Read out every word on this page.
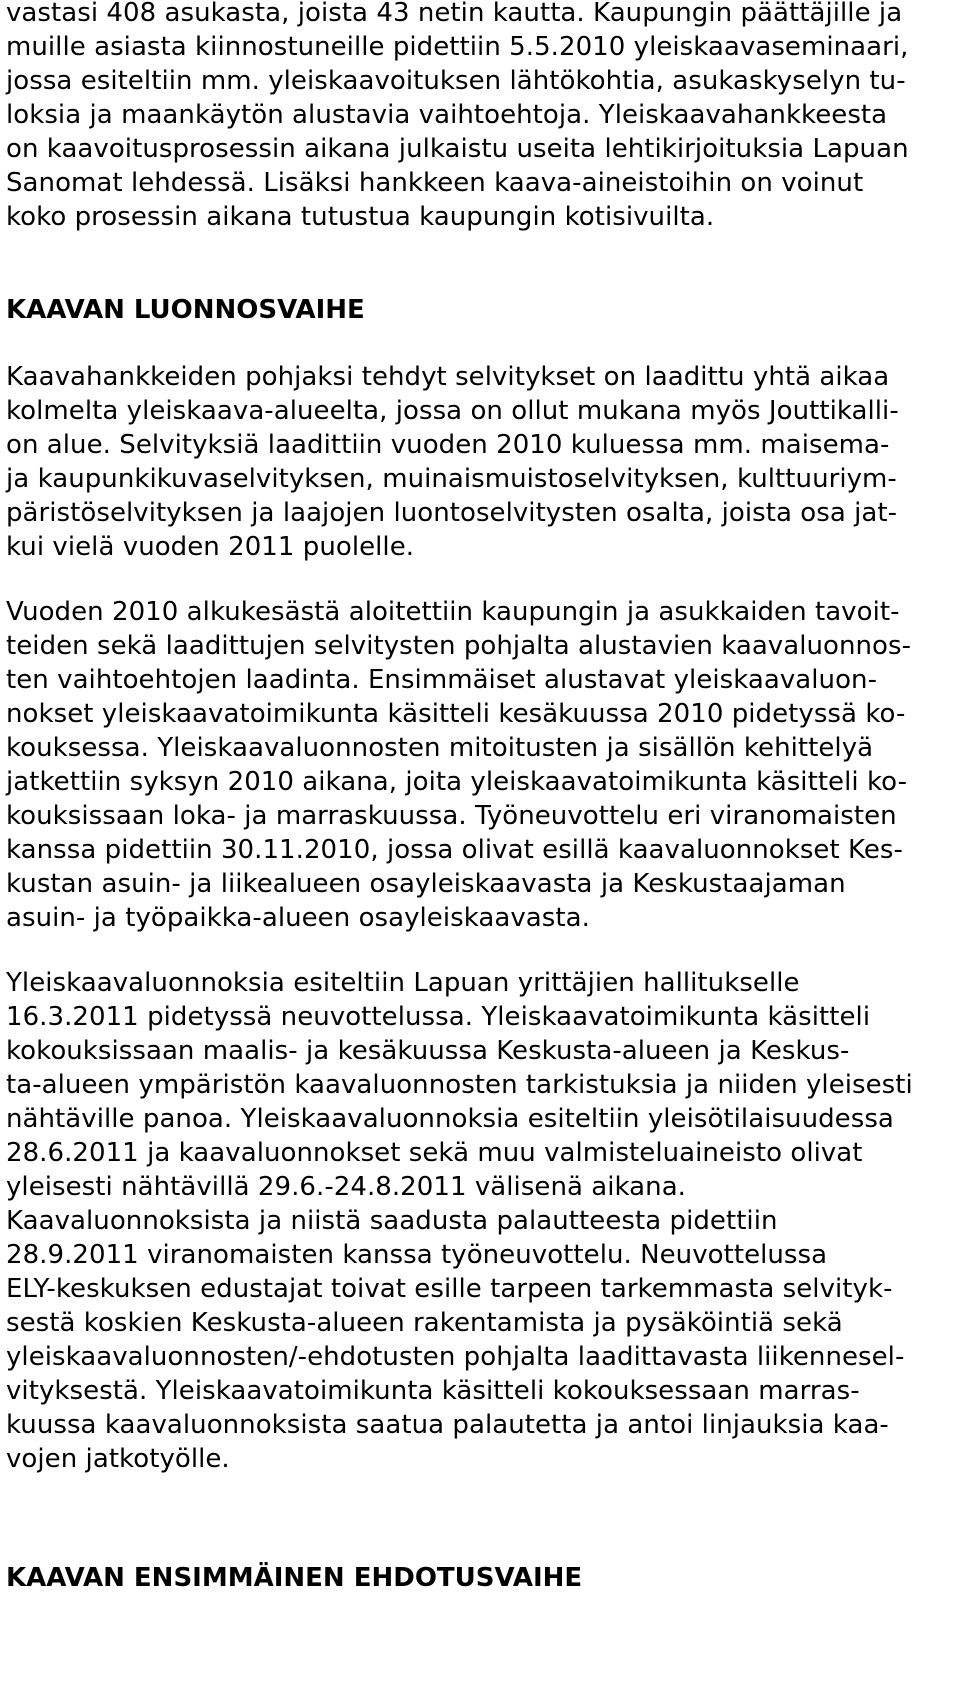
vastasi 408 asukasta, joista 43 netin kautta. Kaupungin päättäjille ja
muille asiasta kiinnostuneille pidettiin 5.5.2010 yleiskaavaseminaari,
jossa esiteltiin mm. yleiskaavoituksen lähtökohtia, asukaskyselyn tu-
loksia ja maankäytön alustavia vaihtoehtoja. Yleiskaavahankkeesta
on kaavoitusprosessin aikana julkaistu useita lehtikirjoituksia Lapuan
Sanomat lehdessä. Lisäksi hankkeen kaava-aineistoihin on voinut
koko prosessin aikana tutustua kaupungin kotisivuilta.
KAAVAN LUONNOSVAIHE
Kaavahankkeiden pohjaksi tehdyt selvitykset on laadittu yhtä aikaa
kolmelta yleiskaava-alueelta, jossa on ollut mukana myös Jouttikalli-
on alue. Selvityksiä laadittiin vuoden 2010 kuluessa mm. maisema-
ja kaupunkikuvaselvityksen, muinaismuistoselvityksen, kulttuuriym-
päristöselvityksen ja laajojen luontoselvitysten osalta, joista osa jat-
kui vielä vuoden 2011 puolelle.
Vuoden 2010 alkukesästä aloitettiin kaupungin ja asukkaiden tavoit-
teiden sekä laadittujen selvitysten pohjalta alustavien kaavaluonnos-
ten vaihtoehtojen laadinta. Ensimmäiset alustavat yleiskaavaluon-
nokset yleiskaavatoimikunta käsitteli kesäkuussa 2010 pidetyssä ko-
kouksessa. Yleiskaavaluonnosten mitoitusten ja sisällön kehittelyä
jatkettiin syksyn 2010 aikana, joita yleiskaavatoimikunta käsitteli ko-
kouksissaan loka- ja marraskuussa. Työneuvottelu eri viranomaisten
kanssa pidettiin 30.11.2010, jossa olivat esillä kaavaluonnokset Kes-
kustan asuin- ja liikealueen osayleiskaavasta ja Keskustaajaman
asuin- ja työpaikka-alueen osayleiskaavasta.
Yleiskaavaluonnoksia esiteltiin Lapuan yrittäjien hallitukselle
16.3.2011 pidetyssä neuvottelussa. Yleiskaavatoimikunta käsitteli
kokouksissaan maalis- ja kesäkuussa Keskusta-alueen ja Keskus-
ta-alueen ympäristön kaavaluonnosten tarkistuksia ja niiden yleisesti
nähtäville panoa. Yleiskaavaluonnoksia esiteltiin yleisötilaisuudessa
28.6.2011 ja kaavaluonnokset sekä muu valmisteluaineisto olivat
yleisesti nähtävillä 29.6.-24.8.2011 välisenä aikana.
Kaavaluonnoksista ja niistä saadusta palautteesta pidettiin
28.9.2011 viranomaisten kanssa työneuvottelu. Neuvottelussa
ELY-keskuksen edustajat toivat esille tarpeen tarkemmasta selvityk-
sestä koskien Keskusta-alueen rakentamista ja pysäköintiä sekä
yleiskaavaluonnosten/-ehdotusten pohjalta laadittavasta liikennesel-
vityksestä. Yleiskaavatoimikunta käsitteli kokouksessaan marras-
kuussa kaavaluonnoksista saatua palautetta ja antoi linjauksia kaa-
vojen jatkotyölle.
KAAVAN ENSIMMÄINEN EHDOTUSVAIHE
